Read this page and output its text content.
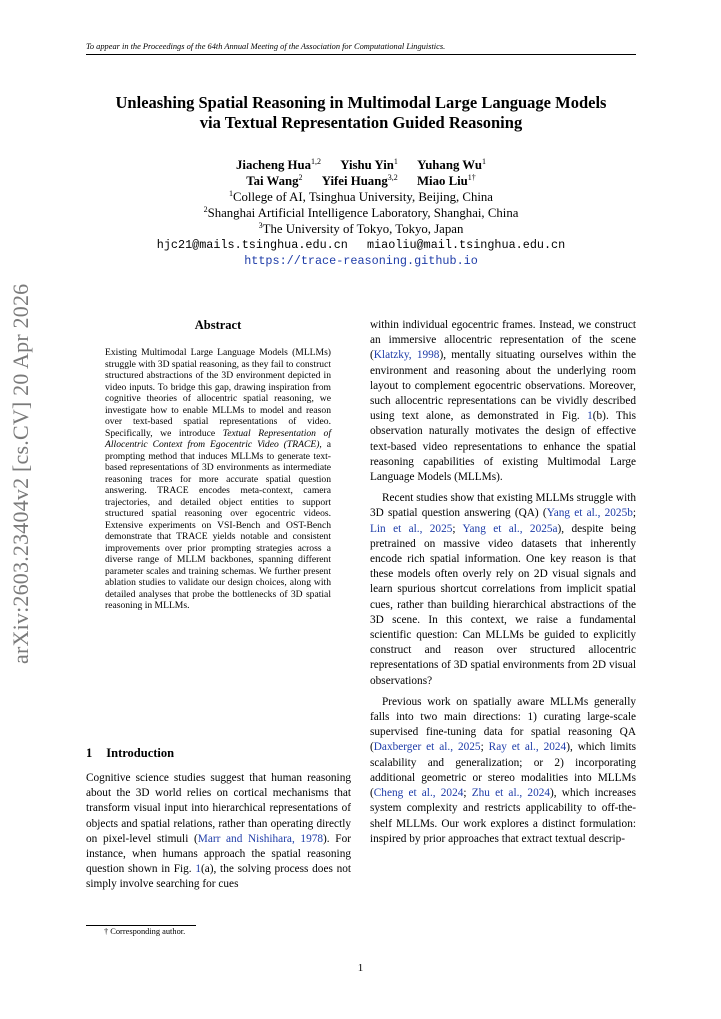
To appear in the Proceedings of the 64th Annual Meeting of the Association for Computational Linguistics.
arXiv:2603.23404v2 [cs.CV] 20 Apr 2026
Unleashing Spatial Reasoning in Multimodal Large Language Models
via Textual Representation Guided Reasoning
Jiacheng Hua$^{1,2}$ Yishu Yin$^1$ Yuhang Wu$^1$
Tai Wang$^2$ Yifei Huang$^{3,2}$ Miao Liu$^{1\dagger}$
$^1$College of AI, Tsinghua University, Beijing, China
$^2$Shanghai Artificial Intelligence Laboratory, Shanghai, China
$^3$The University of Tokyo, Tokyo, Japan
hjc21@mails.tsinghua.edu.cn miaoliu@mail.tsinghua.edu.cn
https://trace-reasoning.github.io
Abstract

Existing Multimodal Large Language Models (MLLMs) struggle with 3D spatial reasoning, as they fail to construct structured abstractions of the 3D environment depicted in video inputs. To bridge this gap, drawing inspiration from cognitive theories of allocentric spatial reasoning, we investigate how to enable MLLMs to model and reason over text-based spatial representations of video. Specifically, we introduce Textual Representation of Allocentric Context from Egocentric Video (TRACE), a prompting method that induces MLLMs to generate text-based representations of 3D environments as intermediate reasoning traces for more accurate spatial question answering. TRACE encodes meta-context, camera trajectories, and detailed object entities to support structured spatial reasoning over egocentric videos. Extensive experiments on VSI-Bench and OST-Bench demonstrate that TRACE yields notable and consistent improvements over prior prompting strategies across a diverse range of MLLM backbones, spanning different parameter scales and training schemas. We further present ablation studies to validate our design choices, along with detailed analyses that probe the bottlenecks of 3D spatial reasoning in MLLMs.

1 Introduction

Cognitive science studies suggest that human reasoning about the 3D world relies on cortical mechanisms that transform visual input into hierarchical representations of objects and spatial relations, rather than operating directly on pixel-level stimuli (Marr and Nishihara, 1978). For instance, when humans approach the spatial reasoning question shown in Fig. 1(a), the solving process does not simply involve searching for cues

within individual egocentric frames. Instead, we construct an immersive allocentric representation of the scene (Klatzky, 1998), mentally situating ourselves within the environment and reasoning about the underlying room layout to complement egocentric observations. Moreover, such allocentric representations can be vividly described using text alone, as demonstrated in Fig. 1(b). This observation naturally motivates the design of effective text-based video representations to enhance the spatial reasoning capabilities of existing Multimodal Large Language Models (MLLMs).

Recent studies show that existing MLLMs struggle with 3D spatial question answering (QA) (Yang et al., 2025b; Lin et al., 2025; Yang et al., 2025a), despite being pretrained on massive video datasets that inherently encode rich spatial information. One key reason is that these models often overly rely on 2D visual signals and learn spurious shortcut correlations from implicit spatial cues, rather than building hierarchical abstractions of the 3D scene. In this context, we raise a fundamental scientific question: Can MLLMs be guided to explicitly construct and reason over structured allocentric representations of 3D spatial environments from 2D visual observations?

Previous work on spatially aware MLLMs generally falls into two main directions: 1) curating large-scale supervised fine-tuning data for spatial reasoning QA (Daxberger et al., 2025; Ray et al., 2024), which limits scalability and generalization; or 2) incorporating additional geometric or stereo modalities into MLLMs (Cheng et al., 2024; Zhu et al., 2024), which increases system complexity and restricts applicability to off-the-shelf MLLMs. Our work explores a distinct formulation: inspired by prior approaches that extract textual descrip-

† Corresponding author.
1
